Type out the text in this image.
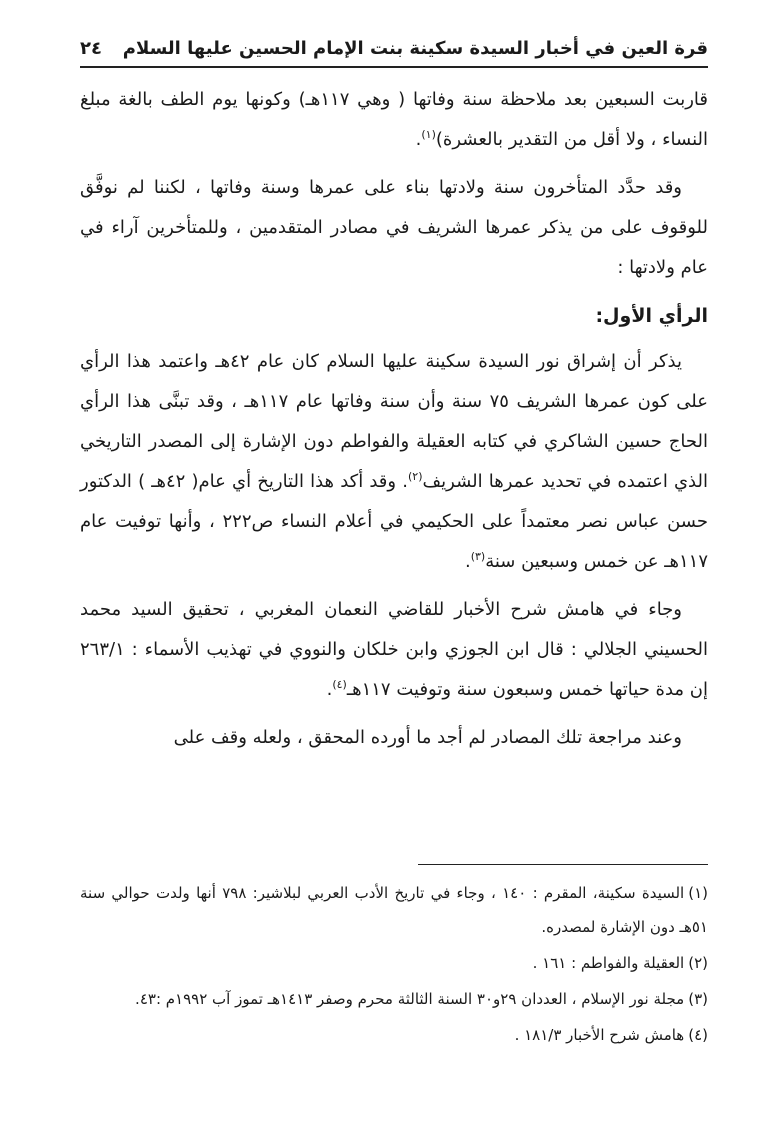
قرة العين في أخبار السيدة سكينة بنت الإمام الحسين عليها السلام
٢٤

قاربت السبعين بعد ملاحظة سنة وفاتها ( وهي ١١٧هـ) وكونها يوم الطف بالغة مبلغ النساء ، ولا أقل من التقدير بالعشرة)$^{(١)}$.

وقد حدَّد المتأخرون سنة ولادتها بناء على عمرها وسنة وفاتها ، لكننا لم نوفَّق للوقوف على من يذكر عمرها الشريف في مصادر المتقدمين ، وللمتأخرين آراء في عام ولادتها :

الرأي الأول:

يذكر أن إشراق نور السيدة سكينة عليها السلام كان عام ٤٢هـ واعتمد هذا الرأي على كون عمرها الشريف ٧٥ سنة وأن سنة وفاتها عام ١١٧هـ ، وقد تبنَّى هذا الرأي الحاج حسين الشاكري في كتابه العقيلة والفواطم دون الإشارة إلى المصدر التاريخي الذي اعتمده في تحديد عمرها الشريف$^{(٢)}$. وقد أكد هذا التاريخ أي عام( ٤٢هـ ) الدكتور حسن عباس نصر معتمداً على الحكيمي في أعلام النساء ص٢٢٢ ، وأنها توفيت عام ١١٧هـ عن خمس وسبعين سنة$^{(٣)}$.

وجاء في هامش شرح الأخبار للقاضي النعمان المغربي ، تحقيق السيد محمد الحسيني الجلالي : قال ابن الجوزي وابن خلكان والنووي في تهذيب الأسماء : ٢٦٣/١ إن مدة حياتها خمس وسبعون سنة وتوفيت ١١٧هـ$^{(٤)}$.

وعند مراجعة تلك المصادر لم أجد ما أورده المحقق ، ولعله وقف على

(١)السيدة سكينة، المقرم : ١٤٠ ، وجاء في تاريخ الأدب العربي لبلاشير: ٧٩٨ أنها ولدت حوالي سنة ٥١هـ دون الإشارة لمصدره.

(٢)العقيلة والفواطم : ١٦١ .

(٣)مجلة نور الإسلام ، العددان ٢٩و٣٠ السنة الثالثة محرم وصفر ١٤١٣هـ تموز آب ١٩٩٢م :٤٣.

(٤)هامش شرح الأخبار ١٨١/٣ .
